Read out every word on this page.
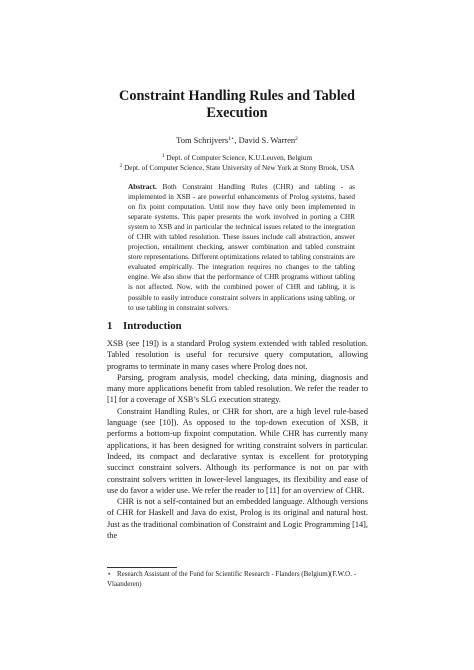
Constraint Handling Rules and Tabled
Execution
Tom Schrijvers$^{1⋆}$, David S. Warren$^2$
$^1$ Dept. of Computer Science, K.U.Leuven, Belgium
$^2$ Dept. of Computer Science, State University of New York at Stony Brook, USA
Abstract. Both Constraint Handling Rules (CHR) and tabling - as implemented in XSB - are powerful enhancements of Prolog systems, based on fix point computation. Until now they have only been implemented in separate systems. This paper presents the work involved in porting a CHR system to XSB and in particular the technical issues related to the integration of CHR with tabled resolution. These issues include call abstraction, answer projection, entailment checking, answer combination and tabled constraint store representations. Different optimizations related to tabling constraints are evaluated empirically. The integration requires no changes to the tabling engine. We also show that the performance of CHR programs without tabling is not affected. Now, with the combined power of CHR and tabling, it is possible to easily introduce constraint solvers in applications using tabling, or to use tabling in constraint solvers.
1 Introduction

XSB (see [19]) is a standard Prolog system extended with tabled resolution. Tabled resolution is useful for recursive query computation, allowing programs to terminate in many cases where Prolog does not.

Parsing, program analysis, model checking, data mining, diagnosis and many more applications benefit from tabled resolution. We refer the reader to [1] for a coverage of XSB’s SLG execution strategy.

Constraint Handling Rules, or CHR for short, are a high level rule-based language (see [10]). As opposed to the top-down execution of XSB, it performs a bottom-up fixpoint computation. While CHR has currently many applications, it has been designed for writing constraint solvers in particular. Indeed, its compact and declarative syntax is excellent for prototyping succinct constraint solvers. Although its performance is not on par with constraint solvers written in lower-level languages, its flexibility and ease of use do favor a wider use. We refer the reader to [11] for an overview of CHR.

CHR is not a self-contained but an embedded language. Although versions of CHR for Haskell and Java do exist, Prolog is its original and natural host. Just as the traditional combination of Constraint and Logic Programming [14], the

⋆ Research Assistant of the Fund for Scientific Research - Flanders (Belgium)(F.W.O. - Vlaanderen)
